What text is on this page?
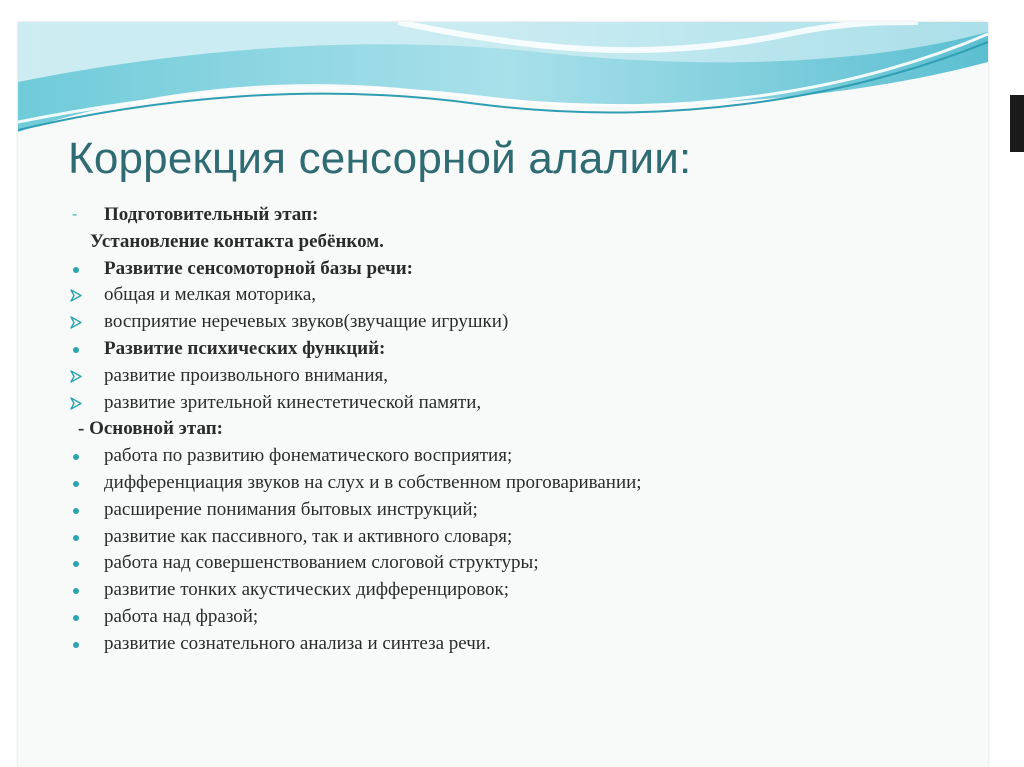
Коррекция сенсорной алалии:
- Подготовительный этап:
Установление контакта ребёнком.
Развитие сенсомоторной базы речи:
общая и мелкая моторика,
восприятие неречевых звуков(звучащие игрушки)
Развитие психических функций:
развитие произвольного внимания,
развитие зрительной кинестетической памяти,
- Основной этап:
работа по развитию фонематического восприятия;
дифференциация звуков на слух и в собственном проговаривании;
расширение понимания бытовых инструкций;
развитие как пассивного, так и активного словаря;
работа над совершенствованием слоговой структуры;
развитие тонких акустических дифференцировок;
работа над фразой;
развитие сознательного анализа и синтеза речи.
